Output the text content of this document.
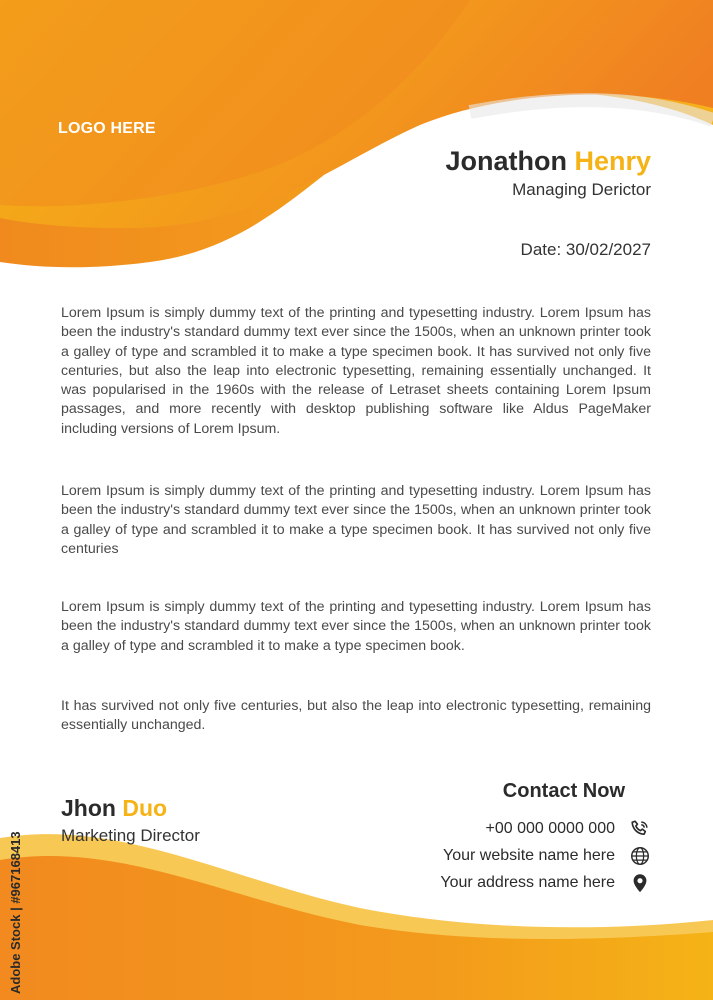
LOGO HERE
Jonathon Henry
Managing Derictor
Date: 30/02/2027

Lorem Ipsum is simply dummy text of the printing and typesetting industry. Lorem Ipsum has been the industry's standard dummy text ever since the 1500s, when an unknown printer took a galley of type and scrambled it to make a type specimen book. It has survived not only five centuries, but also the leap into electronic typesetting, remaining essentially unchanged. It was popularised in the 1960s with the release of Letraset sheets containing Lorem Ipsum passages, and more recently with desktop publishing software like Aldus PageMaker including versions of Lorem Ipsum.

Lorem Ipsum is simply dummy text of the printing and typesetting industry. Lorem Ipsum has been the industry's standard dummy text ever since the 1500s, when an unknown printer took a galley of type and scrambled it to make a type specimen book. It has survived not only five centuries

Lorem Ipsum is simply dummy text of the printing and typesetting industry. Lorem Ipsum has been the industry's standard dummy text ever since the 1500s, when an unknown printer took a galley of type and scrambled it to make a type specimen book.

It has survived not only five centuries, but also the leap into electronic typesetting, remaining essentially unchanged.

Jhon Duo
Marketing Director
Contact Now
+00 000 0000 000
Your website name here
Your address name here
Adobe Stock | #967168413
